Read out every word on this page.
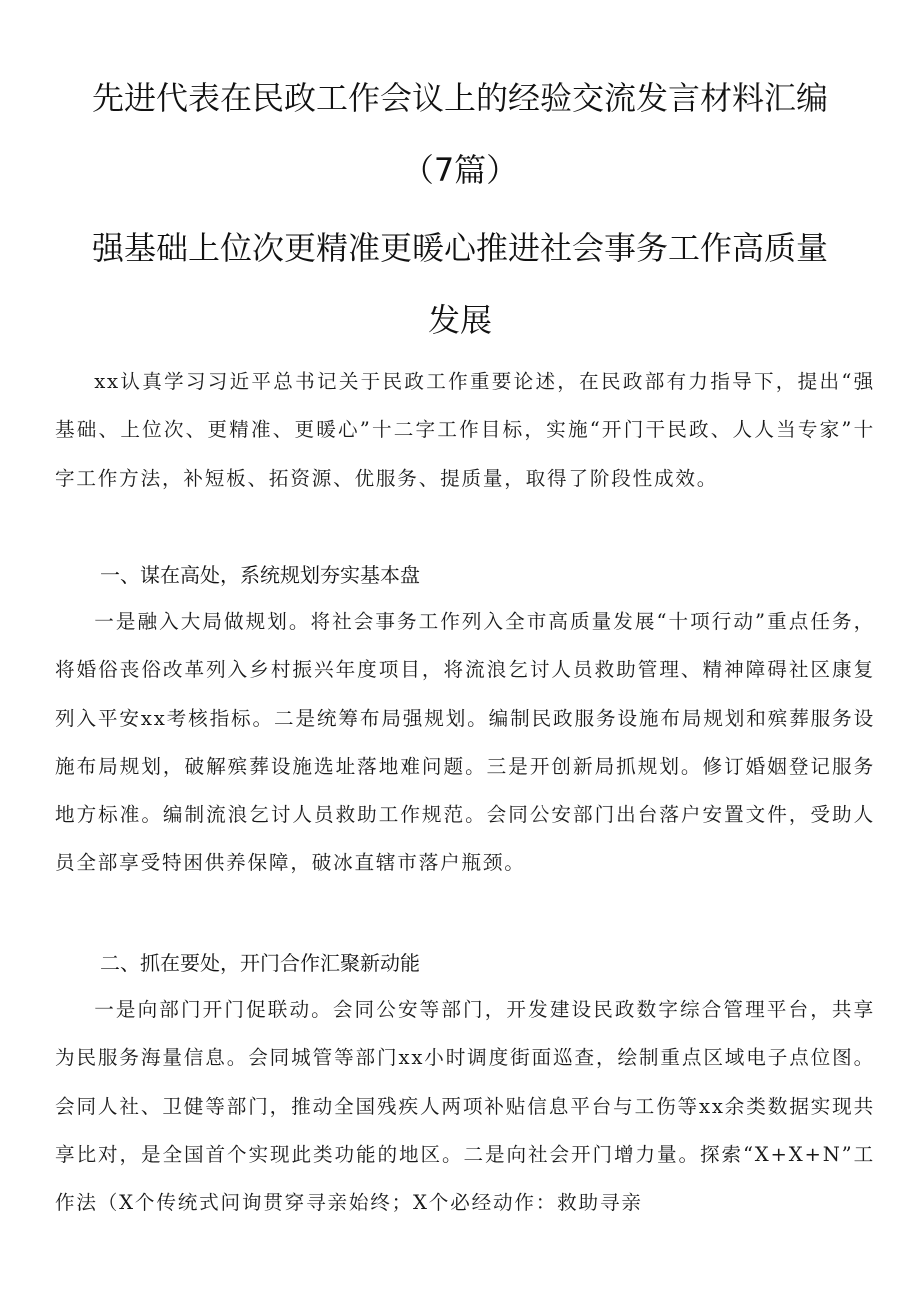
先进代表在民政工作会议上的经验交流发言材料汇编
（7篇）
强基础上位次更精准更暖心推进社会事务工作高质量
发展

xx认真学习习近平总书记关于民政工作重要论述，在民政部有力指导下，提出“强基础、上位次、更精准、更暖心”十二字工作目标，实施“开门干民政、人人当专家”十字工作方法，补短板、拓资源、优服务、提质量，取得了阶段性成效。

一、谋在高处，系统规划夯实基本盘

一是融入大局做规划。将社会事务工作列入全市高质量发展“十项行动”重点任务，将婚俗丧俗改革列入乡村振兴年度项目，将流浪乞讨人员救助管理、精神障碍社区康复列入平安xx考核指标。二是统筹布局强规划。编制民政服务设施布局规划和殡葬服务设施布局规划，破解殡葬设施选址落地难问题。三是开创新局抓规划。修订婚姻登记服务地方标准。编制流浪乞讨人员救助工作规范。会同公安部门出台落户安置文件，受助人员全部享受特困供养保障，破冰直辖市落户瓶颈。

二、抓在要处，开门合作汇聚新动能

一是向部门开门促联动。会同公安等部门，开发建设民政数字综合管理平台，共享为民服务海量信息。会同城管等部门xx小时调度街面巡查，绘制重点区域电子点位图。会同人社、卫健等部门，推动全国残疾人两项补贴信息平台与工伤等xx余类数据实现共享比对，是全国首个实现此类功能的地区。二是向社会开门增力量。探索“X+X+N”工作法（X个传统式问询贯穿寻亲始终；X个必经动作：救助寻亲
